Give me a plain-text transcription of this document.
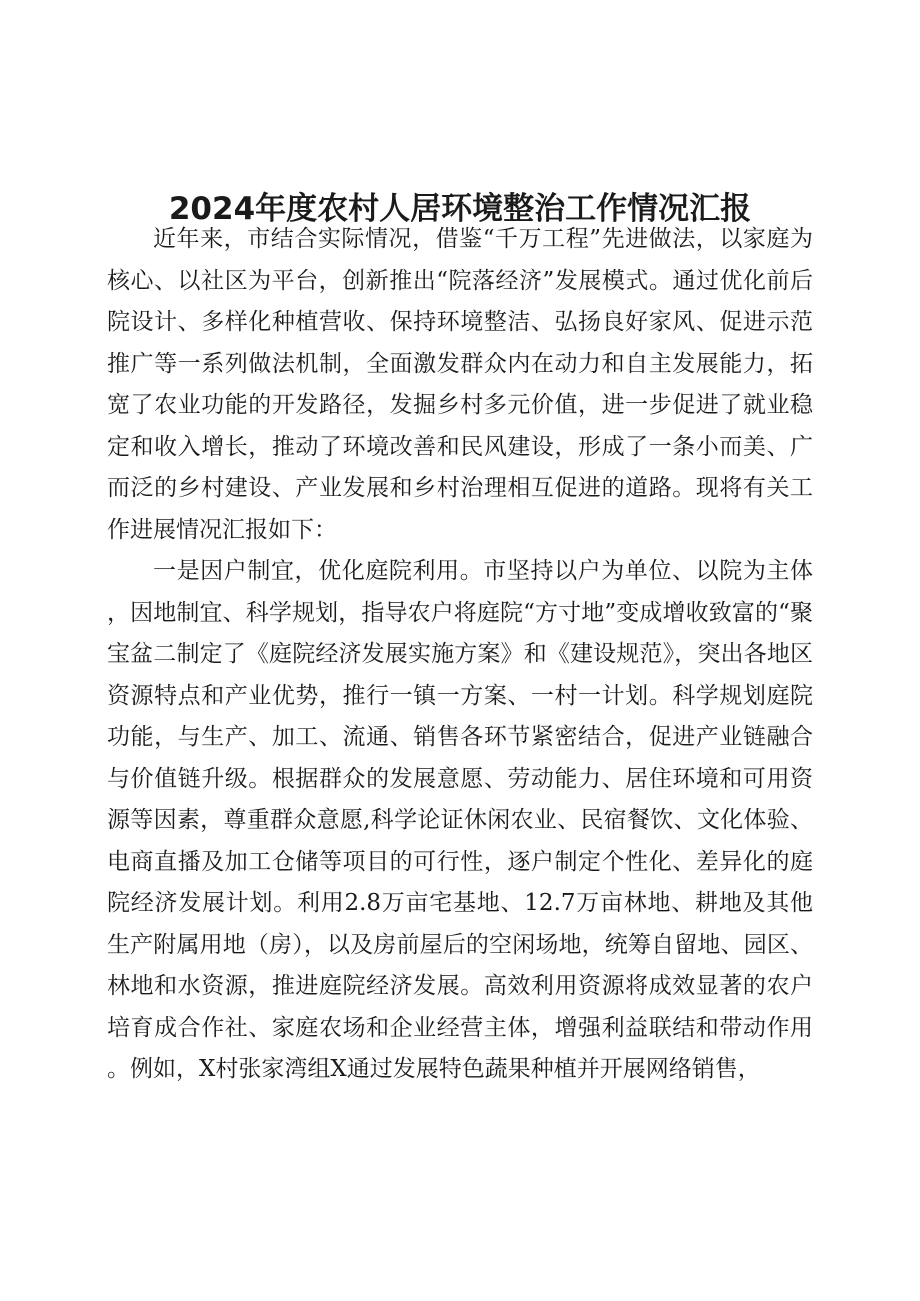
2024年度农村人居环境整治工作情况汇报

近年来，市结合实际情况，借鉴“千万工程”先进做法，以家庭为核心、以社区为平台，创新推出“院落经济”发展模式。通过优化前后院设计、多样化种植营收、保持环境整洁、弘扬良好家风、促进示范推广等一系列做法机制，全面激发群众内在动力和自主发展能力，拓宽了农业功能的开发路径，发掘乡村多元价值，进一步促进了就业稳定和收入增长，推动了环境改善和民风建设，形成了一条小而美、广而泛的乡村建设、产业发展和乡村治理相互促进的道路。现将有关工作进展情况汇报如下：

一是因户制宜，优化庭院利用。市坚持以户为单位、以院为主体，因地制宜、科学规划，指导农户将庭院“方寸地”变成增收致富的“聚宝盆二制定了《庭院经济发展实施方案》和《建设规范》，突出各地区资源特点和产业优势，推行一镇一方案、一村一计划。科学规划庭院功能，与生产、加工、流通、销售各环节紧密结合，促进产业链融合与价值链升级。根据群众的发展意愿、劳动能力、居住环境和可用资源等因素，尊重群众意愿,科学论证休闲农业、民宿餐饮、文化体验、电商直播及加工仓储等项目的可行性，逐户制定个性化、差异化的庭院经济发展计划。利用2.8万亩宅基地、12.7万亩林地、耕地及其他生产附属用地（房），以及房前屋后的空闲场地，统筹自留地、园区、林地和水资源，推进庭院经济发展。高效利用资源将成效显著的农户培育成合作社、家庭农场和企业经营主体，增强利益联结和带动作用。例如，X村张家湾组X通过发展特色蔬果种植并开展网络销售，
